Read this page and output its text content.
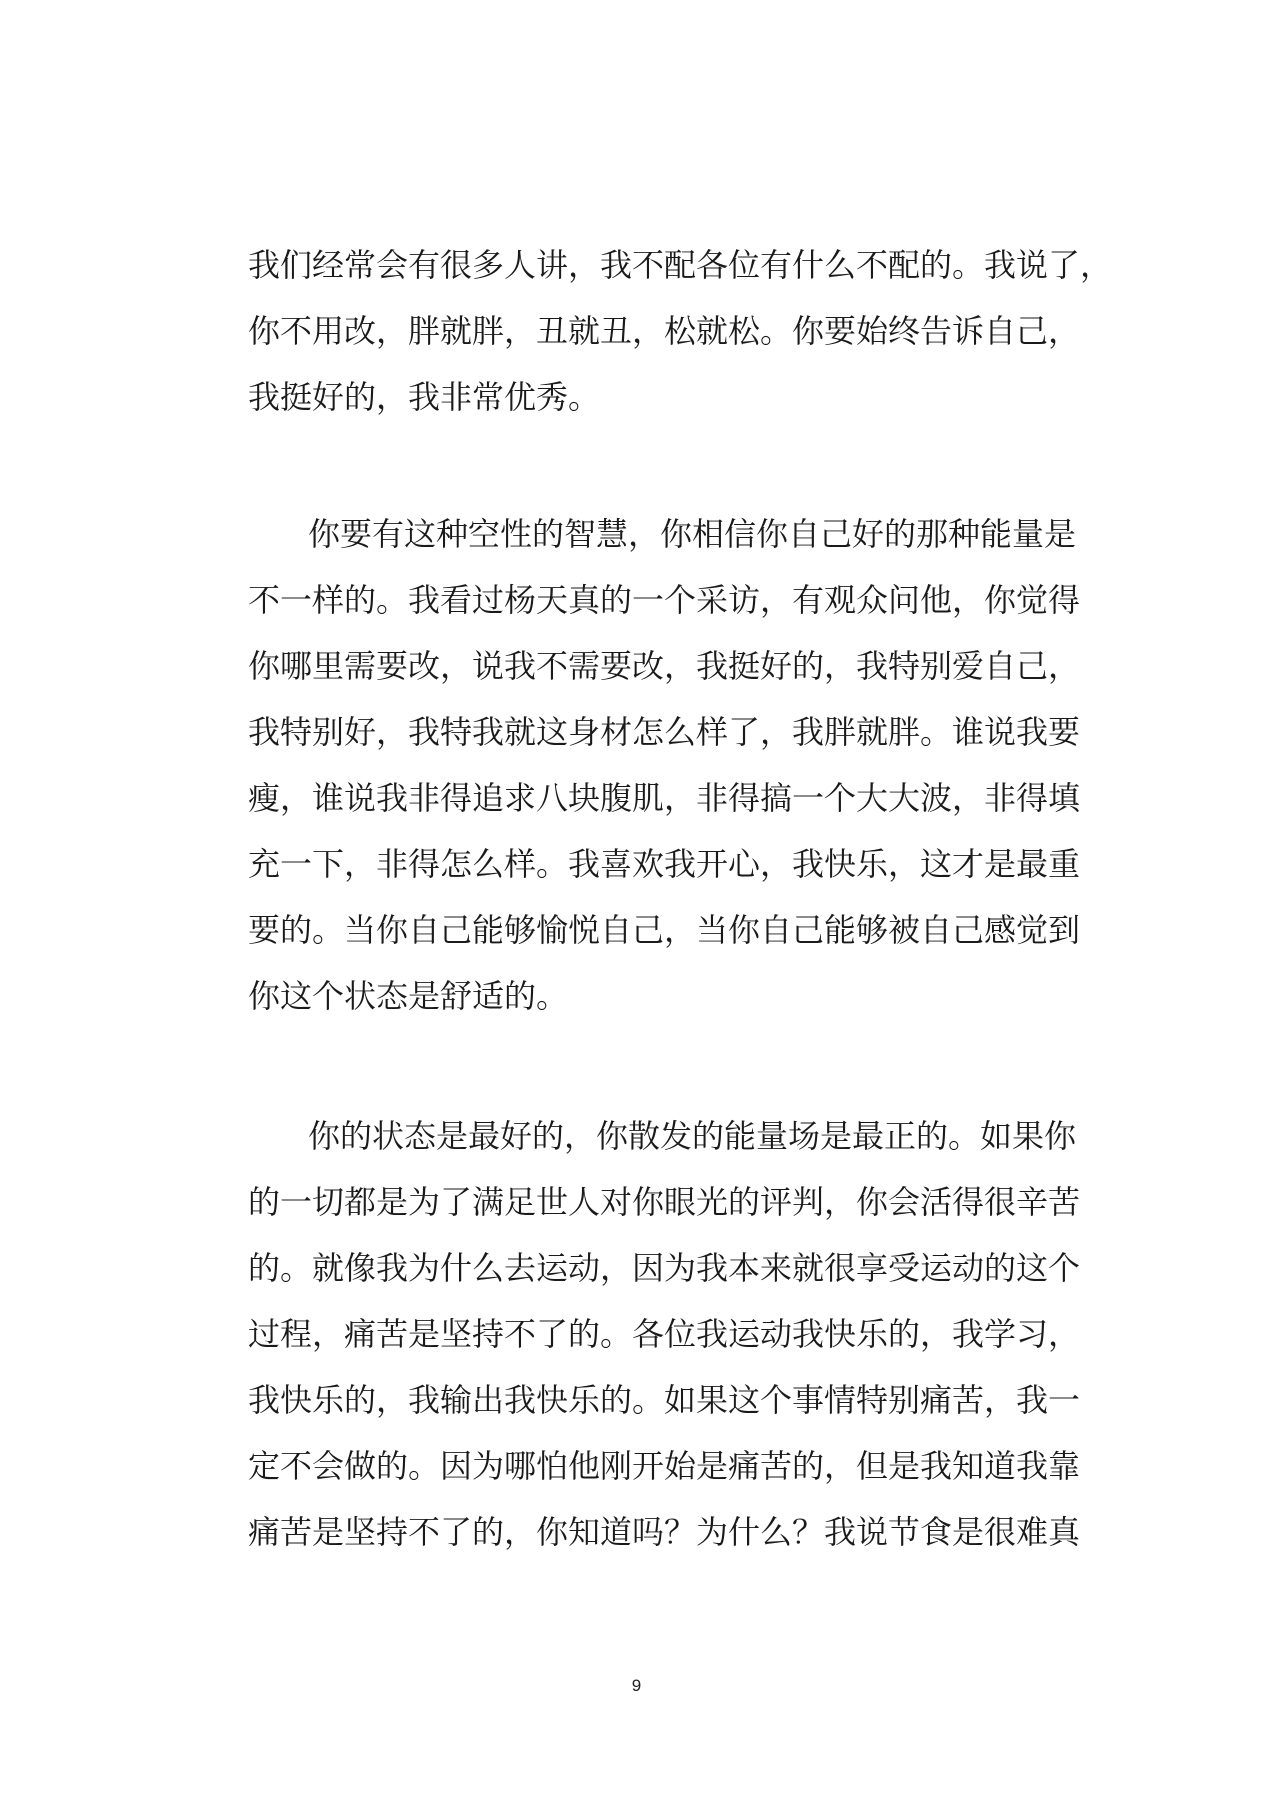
我们经常会有很多人讲，我不配各位有什么不配的。我说了，
你不用改，胖就胖，丑就丑，松就松。你要始终告诉自己，
我挺好的，我非常优秀。
你要有这种空性的智慧，你相信你自己好的那种能量是
不一样的。我看过杨天真的一个采访，有观众问他，你觉得
你哪里需要改，说我不需要改，我挺好的，我特别爱自己，
我特别好，我特我就这身材怎么样了，我胖就胖。谁说我要
瘦，谁说我非得追求八块腹肌，非得搞一个大大波，非得填
充一下，非得怎么样。我喜欢我开心，我快乐，这才是最重
要的。当你自己能够愉悦自己，当你自己能够被自己感觉到
你这个状态是舒适的。
你的状态是最好的，你散发的能量场是最正的。如果你
的一切都是为了满足世人对你眼光的评判，你会活得很辛苦
的。就像我为什么去运动，因为我本来就很享受运动的这个
过程，痛苦是坚持不了的。各位我运动我快乐的，我学习，
我快乐的，我输出我快乐的。如果这个事情特别痛苦，我一
定不会做的。因为哪怕他刚开始是痛苦的，但是我知道我靠
痛苦是坚持不了的，你知道吗？为什么？我说节食是很难真
9
